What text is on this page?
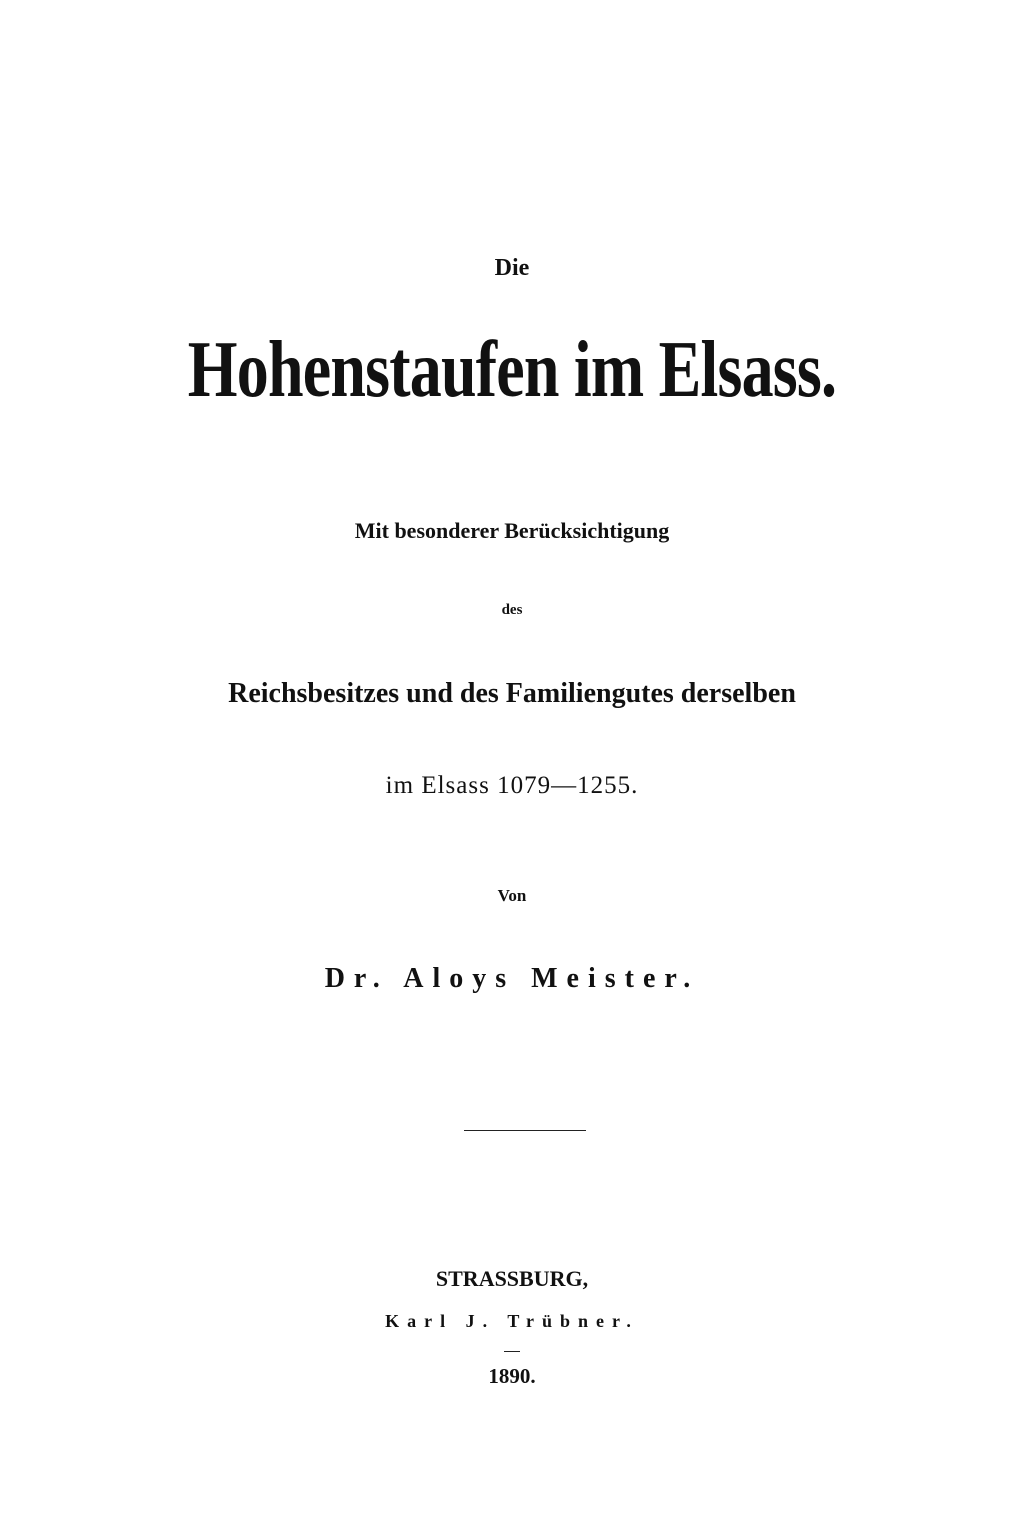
Die
Hohenstaufen im Elsass.
Mit besonderer Berücksichtigung
des
Reichsbesitzes und des Familiengutes derselben
im Elsass 1079—1255.
Von
Dr. Aloys Meister.
STRASSBURG,
Karl J. Trübner.
1890.
